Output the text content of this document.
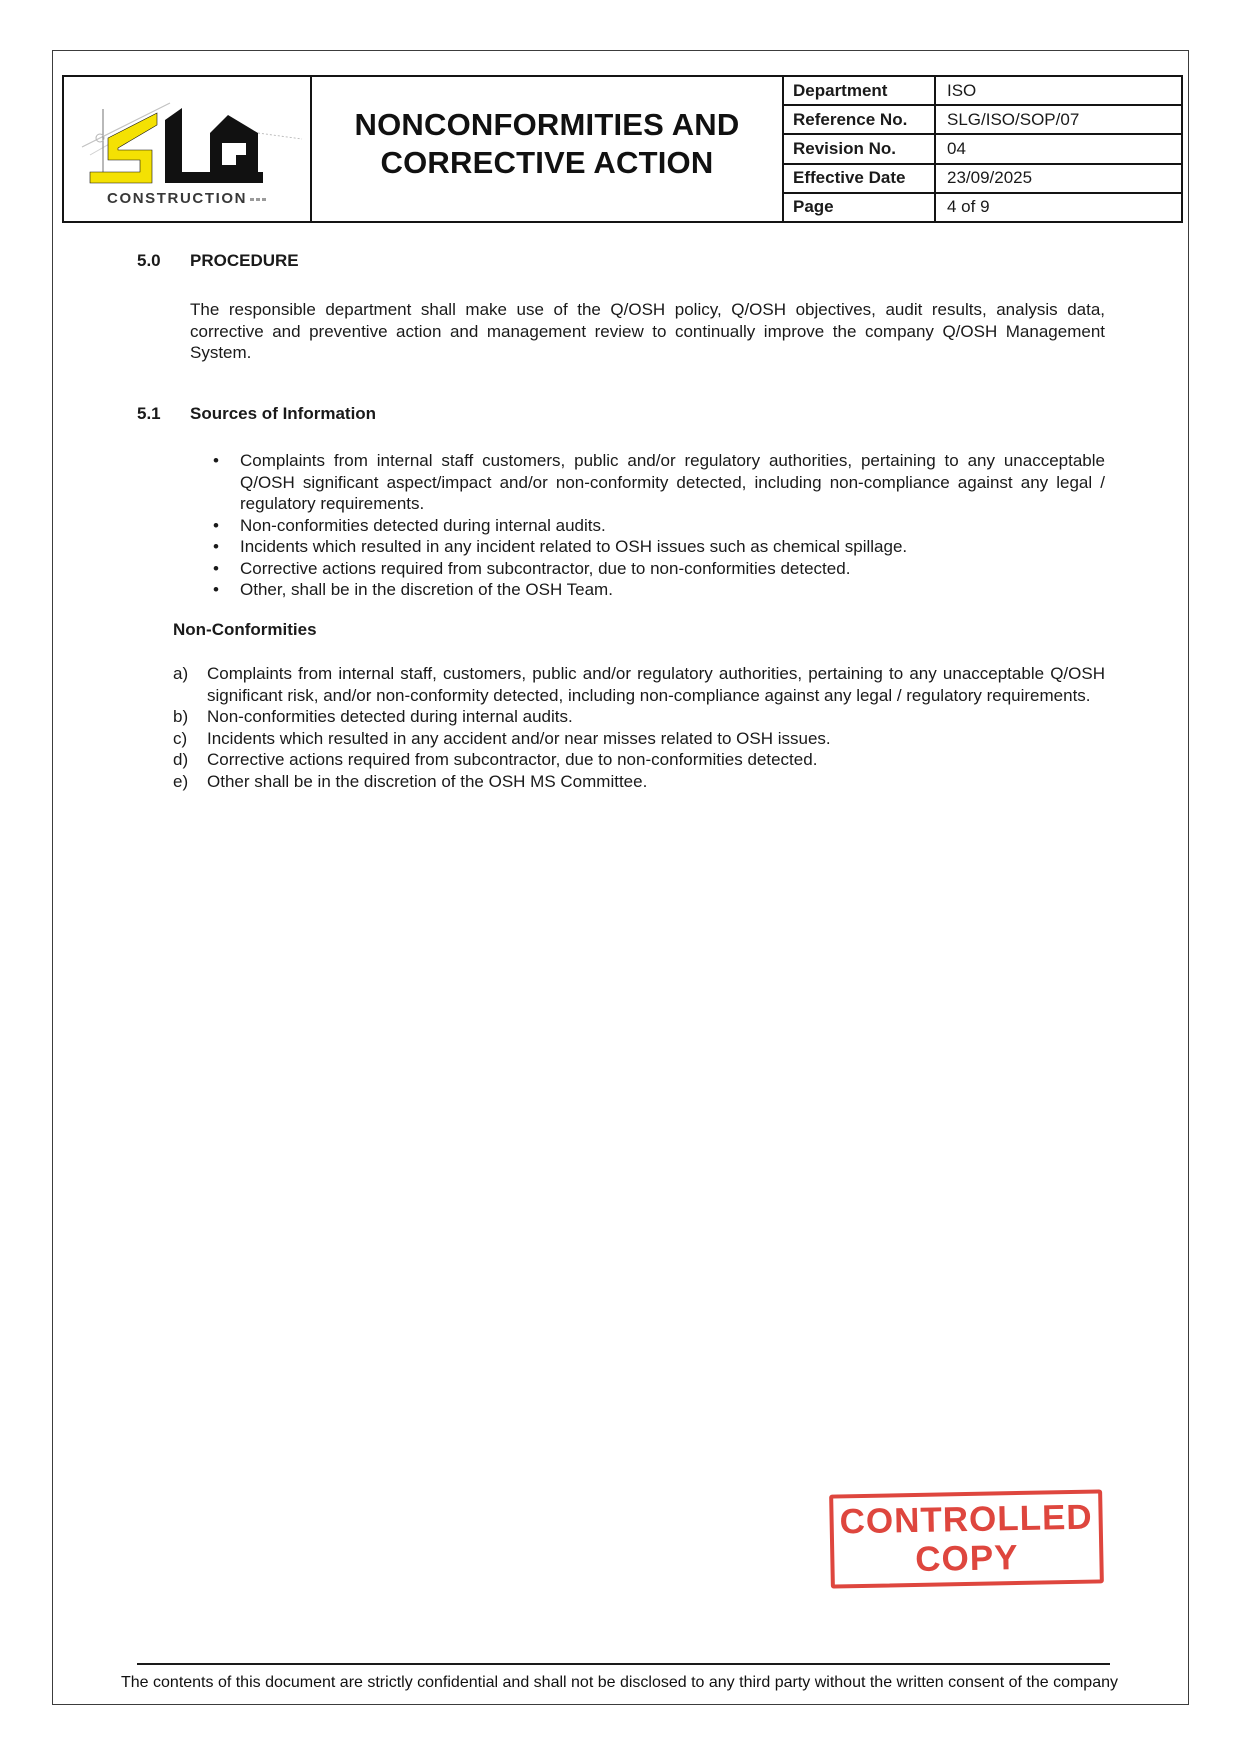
CONSTRUCTION
NONCONFORMITIES AND
CORRECTIVE ACTION
Department	ISO
Reference No.	SLG/ISO/SOP/07
Revision No.	04
Effective Date	23/09/2025
Page	4 of 9
5.0 PROCEDURE
The responsible department shall make use of the Q/OSH policy, Q/OSH objectives, audit results, analysis data, corrective and preventive action and management review to continually improve the company Q/OSH Management System.
5.1 Sources of Information
•	Complaints from internal staff customers, public and/or regulatory authorities, pertaining to any unacceptable Q/OSH significant aspect/impact and/or non-conformity detected, including non-compliance against any legal / regulatory requirements.
•	Non-conformities detected during internal audits.
•	Incidents which resulted in any incident related to OSH issues such as chemical spillage.
•	Corrective actions required from subcontractor, due to non-conformities detected.
•	Other, shall be in the discretion of the OSH Team.
Non-Conformities
a)	Complaints from internal staff, customers, public and/or regulatory authorities, pertaining to any unacceptable Q/OSH significant risk, and/or non-conformity detected, including non-compliance against any legal / regulatory requirements.
b)	Non-conformities detected during internal audits.
c)	Incidents which resulted in any accident and/or near misses related to OSH issues.
d)	Corrective actions required from subcontractor, due to non-conformities detected.
e)	Other shall be in the discretion of the OSH MS Committee.
CONTROLLED
COPY
The contents of this document are strictly confidential and shall not be disclosed to any third party without the written consent of the company
